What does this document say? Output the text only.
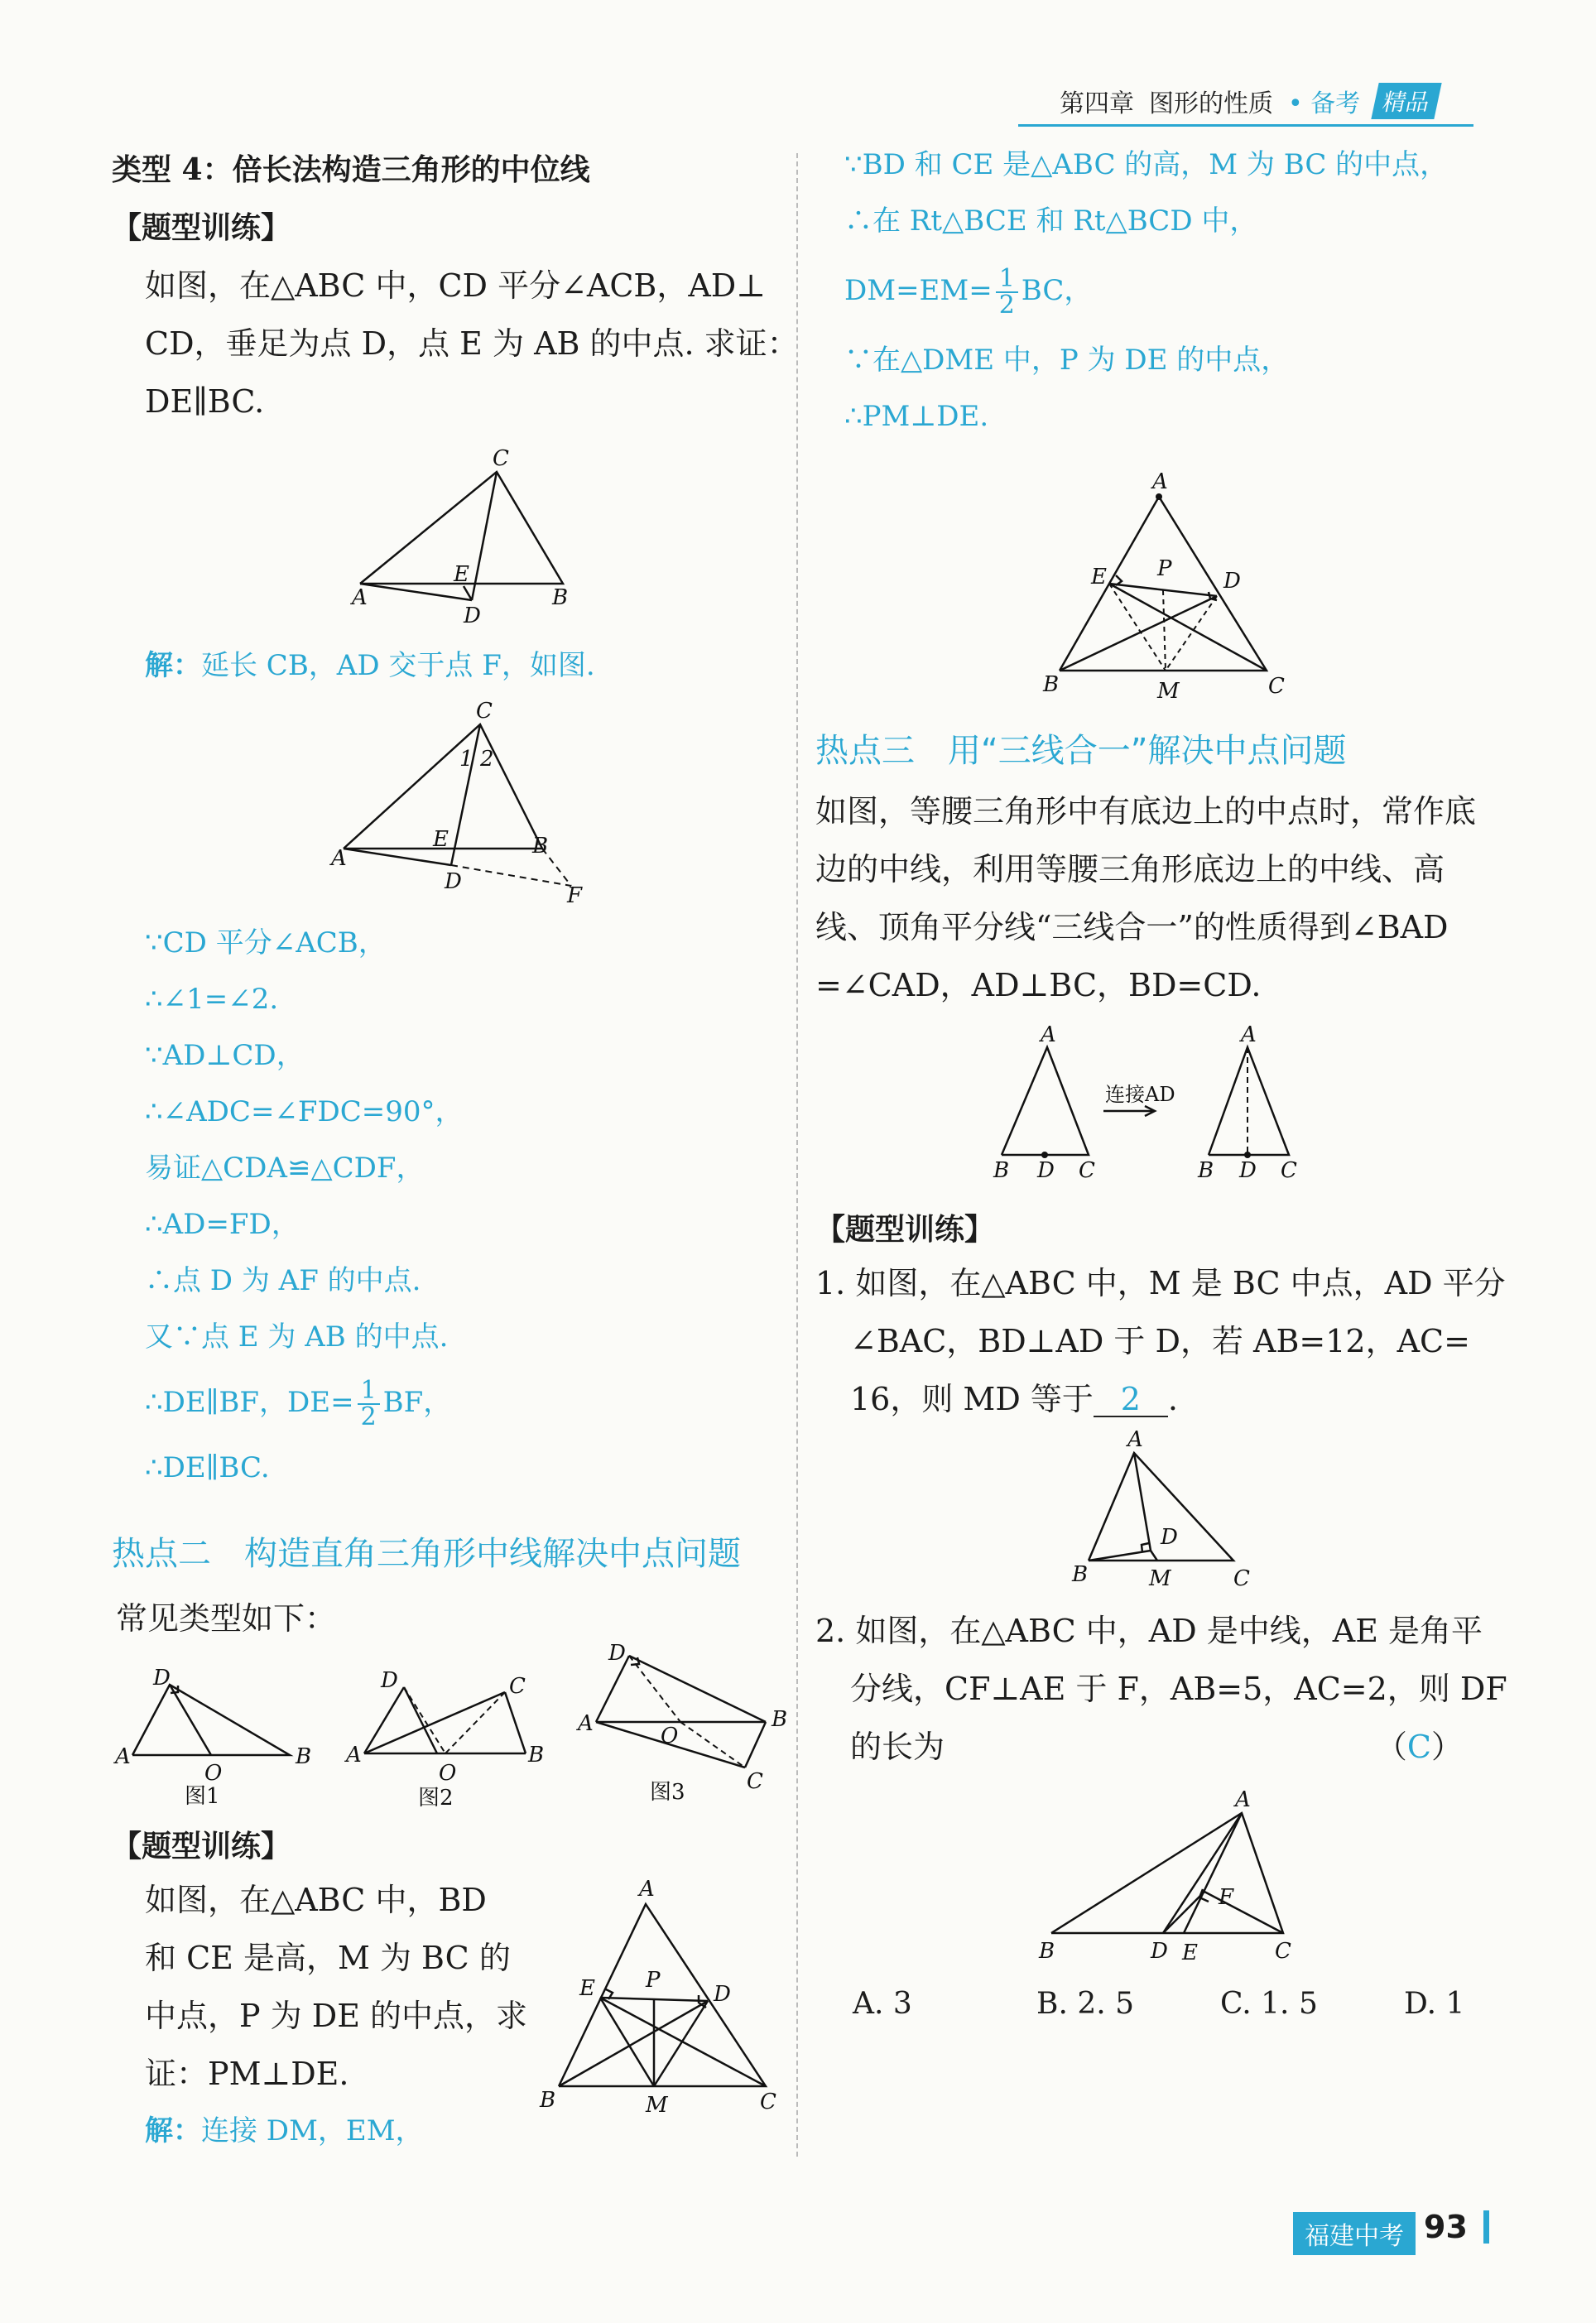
第四章 图形的性质 • 备考 精品
类型 4：倍长法构造三角形的中位线
【题型训练】
如图，在△ABC 中，CD 平分∠ACB，AD⊥
CD，垂足为点 D，点 E 为 AB 的中点. 求证：
DE∥BC.
C
A	B
E
D
解：延长 CB，AD 交于点 F，如图.
C
1 2
A
E	B
D
F
∵CD 平分∠ACB，
∴∠1=∠2.
∵AD⊥CD，
∴∠ADC=∠FDC=90°，
易证△CDA≌△CDF，
∴AD=FD，
∴点 D 为 AF 的中点.
又∵点 E 为 AB 的中点.
∴DE∥BF，$DE= \frac{1}{2}$ BF，
∴DE∥BC.
热点二　构造直角三角形中线解决中点问题
常见类型如下：
D
A
O
B
图1
D	C
A
O
B
图2
D
A	O
B
C
图3
【题型训练】
如图，在△ABC 中，BD
和 CE 是高，M 为 BC 的
中点，P 为 DE 的中点，求
证：PM⊥DE.
A
E P
D
B	M	C
解：连接 DM，EM，
∵BD 和 CE 是△ABC 的高，M 为 BC 的中点，
∴在 Rt△BCE 和 Rt△BCD 中，
$DM=EM= \frac{1}{2}$ BC，
∵在△DME 中，P 为 DE 的中点，
∴PM⊥DE.
A
E P D
B	M	C
热点三　用“三线合一”解决中点问题
如图，等腰三角形中有底边上的中点时，常作底
边的中线，利用等腰三角形底边上的中线、高
线、顶角平分线“三线合一”的性质得到∠BAD
=∠CAD，AD⊥BC，BD=CD.
A
B D C
连接AD
A
B D C
【题型训练】
1. 如图，在△ABC 中，M 是 BC 中点，AD 平分
∠BAC，BD⊥AD 于 D，若 AB=12，AC=
16，则 MD 等于 2 .
A
D
B	M	C
2. 如图，在△ABC 中，AD 是中线，AE 是角平
分线，CF⊥AE 于 F，AB=5，AC=2，则 DF
的长为	（C）
A
F
B	D E	C
A. 3	B. 2. 5	C. 1. 5	D. 1
福建中考 93
